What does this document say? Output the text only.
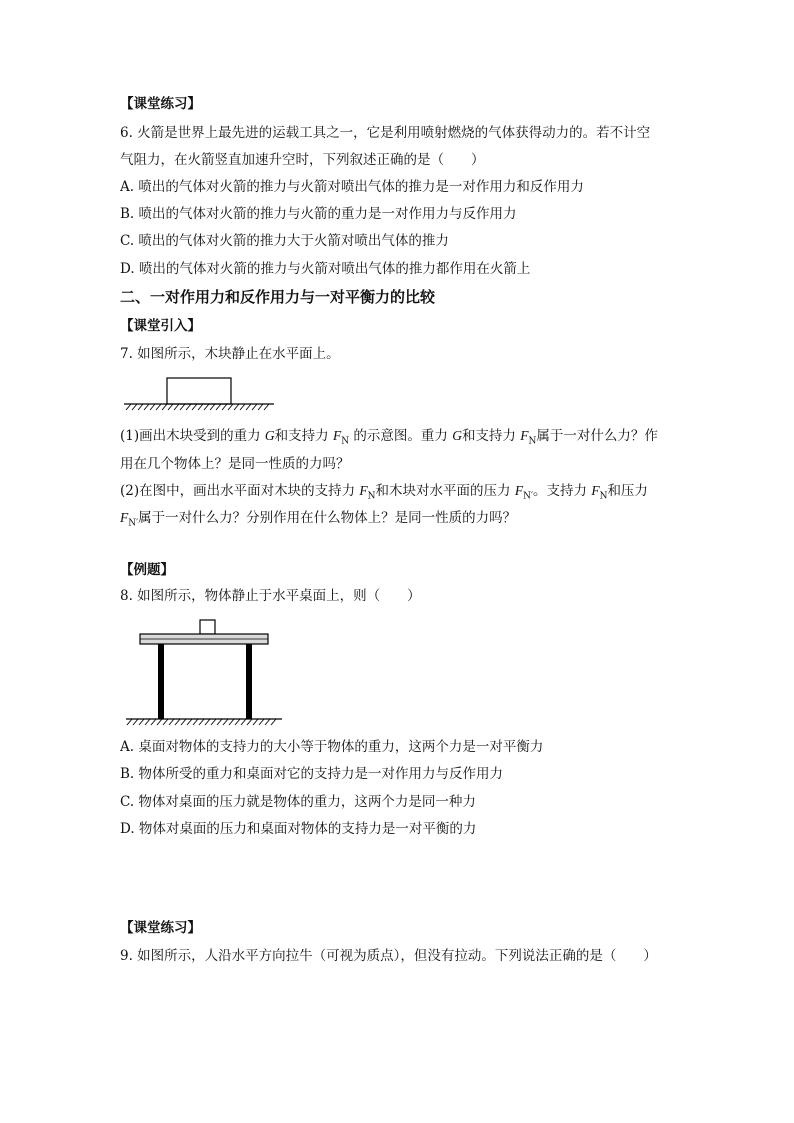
【课堂练习】
6. 火箭是世界上最先进的运载工具之一，它是利用喷射燃烧的气体获得动力的。若不计空
气阻力，在火箭竖直加速升空时，下列叙述正确的是（　　）
A. 喷出的气体对火箭的推力与火箭对喷出气体的推力是一对作用力和反作用力
B. 喷出的气体对火箭的推力与火箭的重力是一对作用力与反作用力
C. 喷出的气体对火箭的推力大于火箭对喷出气体的推力
D. 喷出的气体对火箭的推力与火箭对喷出气体的推力都作用在火箭上
二、一对作用力和反作用力与一对平衡力的比较
【课堂引入】
7. 如图所示，木块静止在水平面上。
(1)画出木块受到的重力 G和支持力 $F_N$ 的示意图。重力 G和支持力 $F_N$属于一对什么力？作
用在几个物体上？是同一性质的力吗？
(2)在图中，画出水平面对木块的支持力 $F_N$和木块对水平面的压力 $F_{N'}$。支持力 $F_N$和压力
$F_{N'}$属于一对什么力？分别作用在什么物体上？是同一性质的力吗？
【例题】
8. 如图所示，物体静止于水平桌面上，则（　　）
A. 桌面对物体的支持力的大小等于物体的重力，这两个力是一对平衡力
B. 物体所受的重力和桌面对它的支持力是一对作用力与反作用力
C. 物体对桌面的压力就是物体的重力，这两个力是同一种力
D. 物体对桌面的压力和桌面对物体的支持力是一对平衡的力
【课堂练习】
9. 如图所示，人沿水平方向拉牛（可视为质点），但没有拉动。下列说法正确的是（　　）
